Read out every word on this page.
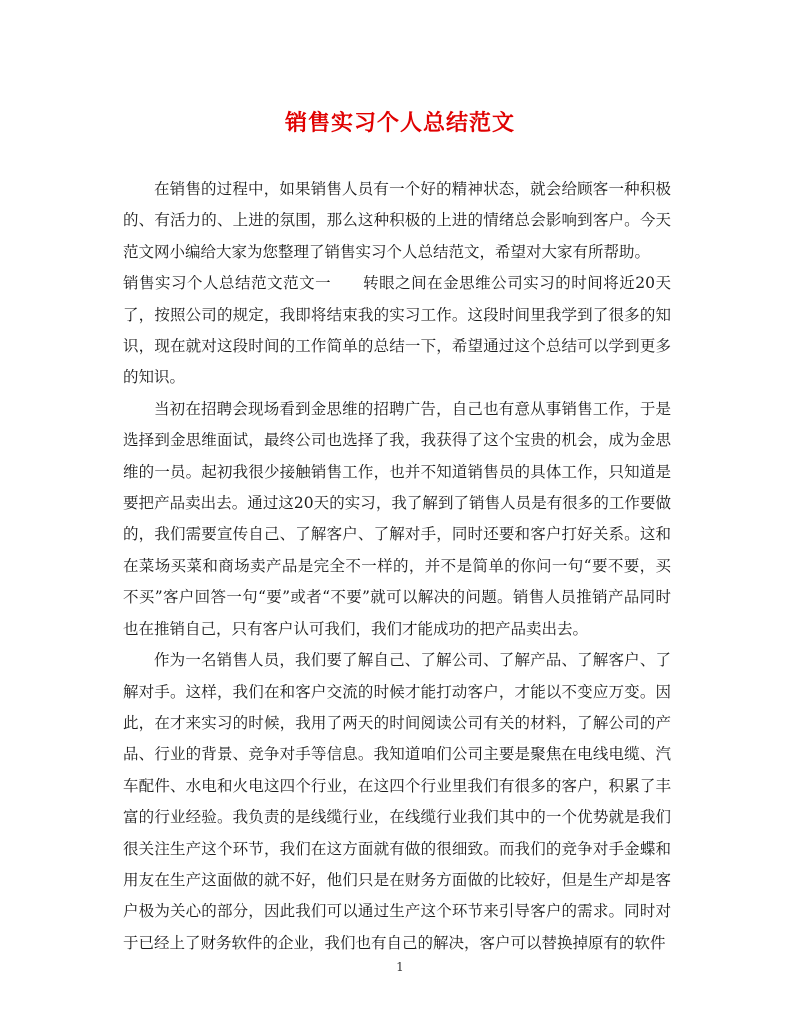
销售实习个人总结范文

在销售的过程中，如果销售人员有一个好的精神状态，就会给顾客一种积极的、有活力的、上进的氛围，那么这种积极的上进的情绪总会影响到客户。今天范文网小编给大家为您整理了销售实习个人总结范文，希望对大家有所帮助。

销售实习个人总结范文范文一　　转眼之间在金思维公司实习的时间将近20天了，按照公司的规定，我即将结束我的实习工作。这段时间里我学到了很多的知识，现在就对这段时间的工作简单的总结一下，希望通过这个总结可以学到更多的知识。

当初在招聘会现场看到金思维的招聘广告，自己也有意从事销售工作，于是选择到金思维面试，最终公司也选择了我，我获得了这个宝贵的机会，成为金思维的一员。起初我很少接触销售工作，也并不知道销售员的具体工作，只知道是要把产品卖出去。通过这20天的实习，我了解到了销售人员是有很多的工作要做的，我们需要宣传自己、了解客户、了解对手，同时还要和客户打好关系。这和在菜场买菜和商场卖产品是完全不一样的，并不是简单的你问一句“要不要，买不买”客户回答一句“要”或者“不要”就可以解决的问题。销售人员推销产品同时也在推销自己，只有客户认可我们，我们才能成功的把产品卖出去。

作为一名销售人员，我们要了解自己、了解公司、了解产品、了解客户、了解对手。这样，我们在和客户交流的时候才能打动客户，才能以不变应万变。因此，在才来实习的时候，我用了两天的时间阅读公司有关的材料，了解公司的产品、行业的背景、竞争对手等信息。我知道咱们公司主要是聚焦在电线电缆、汽车配件、水电和火电这四个行业，在这四个行业里我们有很多的客户，积累了丰富的行业经验。我负责的是线缆行业，在线缆行业我们其中的一个优势就是我们很关注生产这个环节，我们在这方面就有做的很细致。而我们的竞争对手金蝶和用友在生产这面做的就不好，他们只是在财务方面做的比较好，但是生产却是客户极为关心的部分，因此我们可以通过生产这个环节来引导客户的需求。同时对于已经上了财务软件的企业，我们也有自己的解决，客户可以替换掉原有的软件

1
